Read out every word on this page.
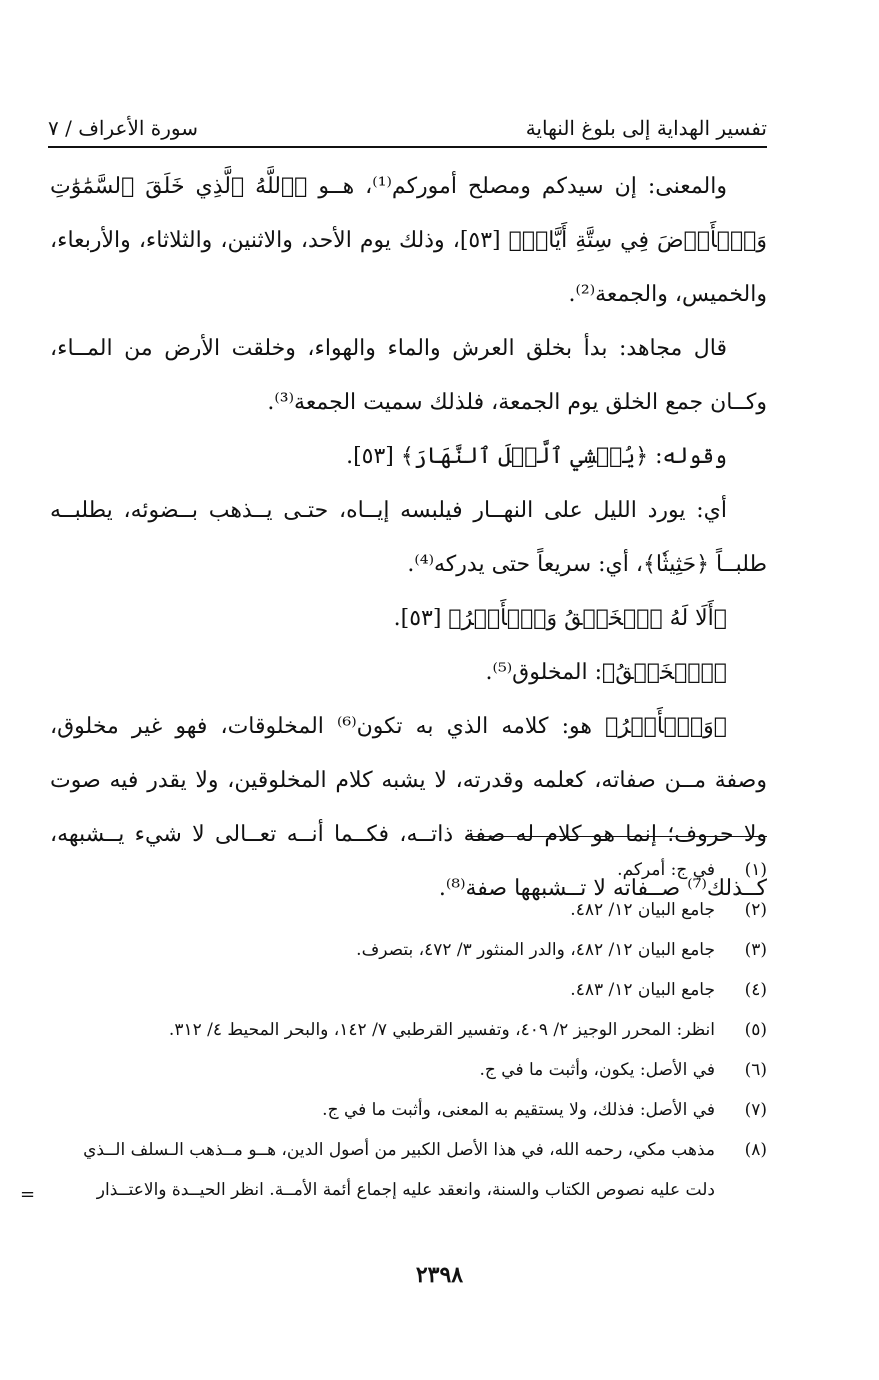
تفسير الهداية إلى بلوغ النهاية
سورة الأعراف / ٧

والمعنى: إن سيدكم ومصلح أموركم⁽¹⁾، هــو ﴿ٱللَّهُ ٱلَّذِي خَلَقَ ٱلسَّمَٰوَٰتِ وَٱلۡأَرۡضَ فِي سِتَّةِ أَيَّامٖ﴾ [٥٣]، وذلك يوم الأحد، والاثنين، والثلاثاء، والأربعاء، والخميس، والجمعة⁽²⁾.

قال مجاهد: بدأ بخلق العرش والماء والهواء، وخلقت الأرض من المــاء، وكــان جمع الخلق يوم الجمعة، فلذلك سميت الجمعة⁽³⁾.

وقوله: ﴿يُغۡشِي ٱلَّيۡلَ ٱلنَّهَارَ﴾ [٥٣].

أي: يورد الليل على النهــار فيلبسه إيــاه، حتـى يــذهب بــضوئه، يطلبــه طلبــاً ﴿حَثِيثٗا﴾، أي: سريعاً حتى يدركه⁽⁴⁾.

﴿أَلَا لَهُ ٱلۡخَلۡقُ وَٱلۡأَمۡرُ﴾ [٥٣].

﴿ٱلۡخَلۡقُ﴾: المخلوق⁽⁵⁾.

﴿وَٱلۡأَمۡرُ﴾ هو: كلامه الذي به تكون⁽⁶⁾ المخلوقات، فهو غير مخلوق، وصفة مــن صفاته، كعلمه وقدرته، لا يشبه كلام المخلوقين، ولا يقدر فيه صوت ولا حروف؛ إنما هو كلام له صفة ذاتــه، فكــما أنــه تعــالى لا شيء يــشبهه، كــذلك⁽⁷⁾ صــفاته لا تــشبهها صفة⁽⁸⁾.

(١)
في ج: أمركم.
(٢)
جامع البيان ١٢/ ٤٨٢.
(٣)
جامع البيان ١٢/ ٤٨٢، والدر المنثور ٣/ ٤٧٢، بتصرف.
(٤)
جامع البيان ١٢/ ٤٨٣.
(٥)
انظر: المحرر الوجيز ٢/ ٤٠٩، وتفسير القرطبي ٧/ ١٤٢، والبحر المحيط ٤/ ٣١٢.
(٦)
في الأصل: يكون، وأثبت ما في ج.
(٧)
في الأصل: فذلك، ولا يستقيم به المعنى، وأثبت ما في ج.
(٨)
مذهب مكي، رحمه الله، في هذا الأصل الكبير من أصول الدين، هــو مــذهب الـسلف الــذي
دلت عليه نصوص الكتاب والسنة، وانعقد عليه إجماع أئمة الأمــة. انظر الحيــدة والاعتــذار
=
٢٣٩٨
